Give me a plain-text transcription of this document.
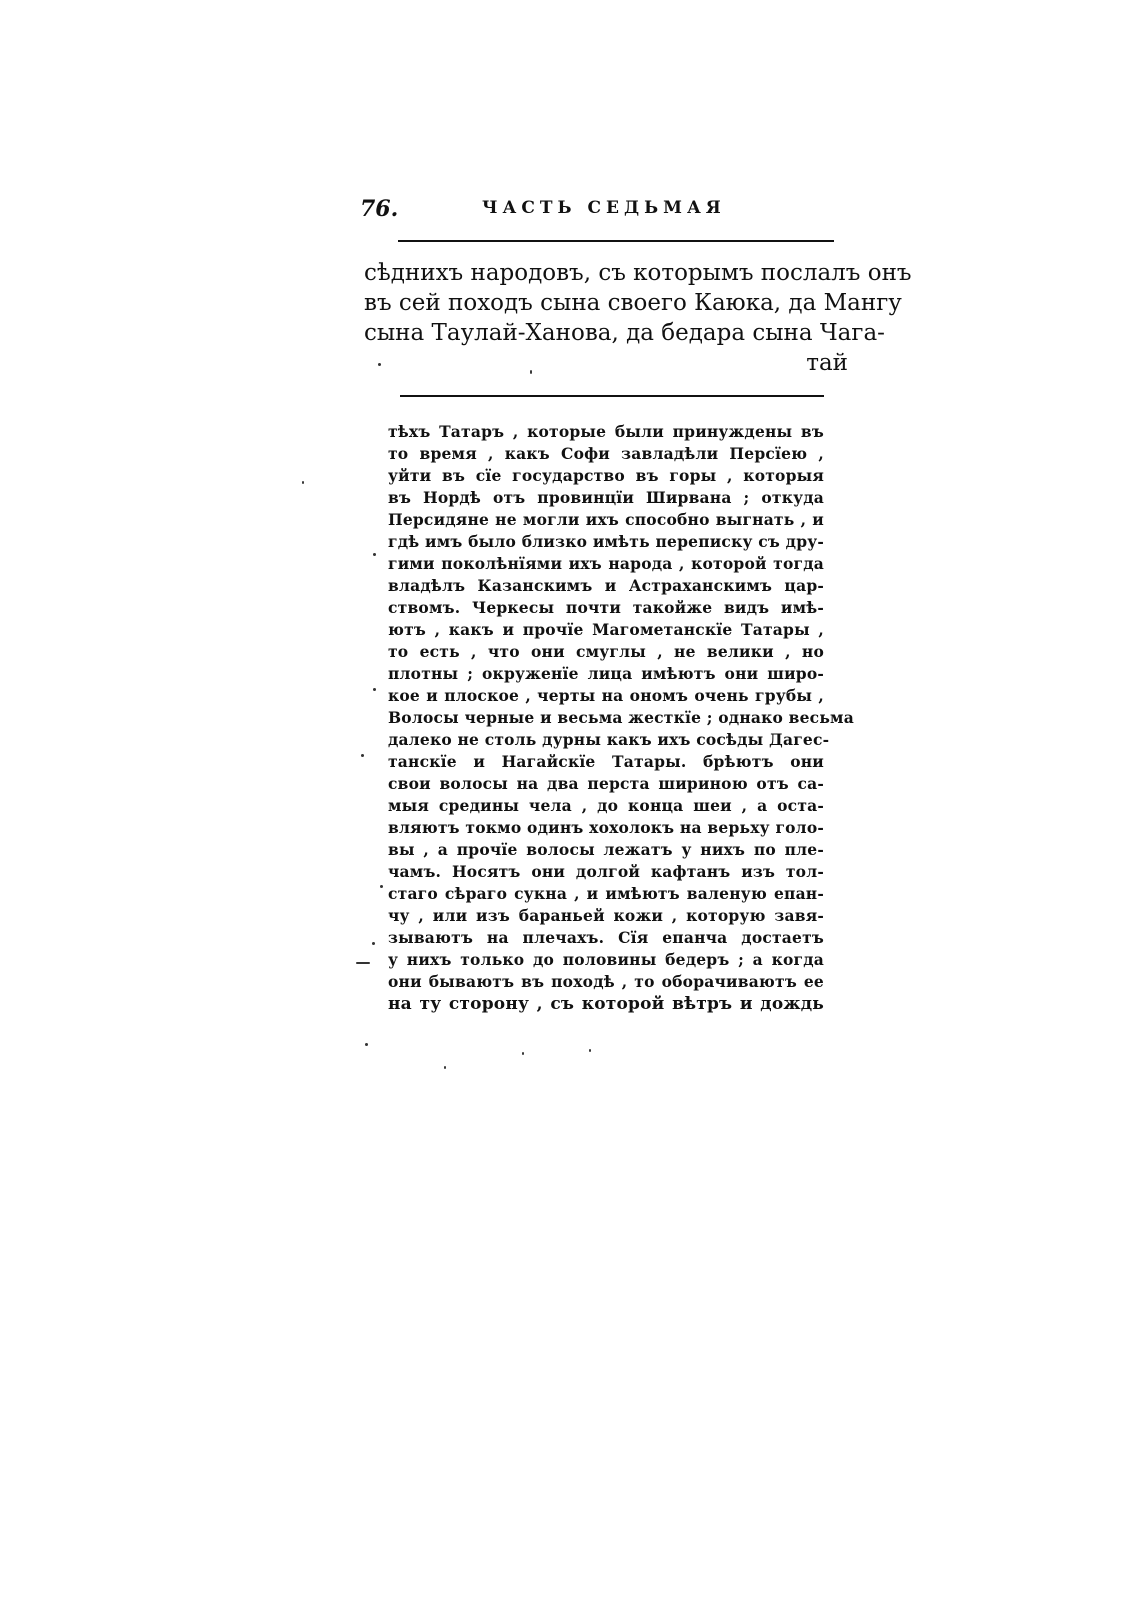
76.	ЧАСТЬ СЕДЬМАЯ
сѣднихъ народовъ, съ которымъ послалъ онъ
въ сей походъ сына своего Каюка, да Мангу
сына Таулай-Ханова, да бедара сына Чага-
тай
тѣхъ Татаръ , которые были принуждены въ
то время , какъ Софи завладѣли Персїею ,
уйти въ сїе государство въ горы , которыя
въ Нордѣ отъ провинцїи Ширвана ; откуда
Персидяне не могли ихъ способно выгнать , и
гдѣ имъ было близко имѣть переписку съ дру-
гими поколѣнїями ихъ народа , которой тогда
владѣлъ Казанскимъ и Астраханскимъ цар-
ствомъ. Черкесы почти такойже видъ имѣ-
ютъ , какъ и прочїе Магометанскїе Татары ,
то есть , что они смуглы , не велики , но
плотны ; окруженїе лица имѣютъ они широ-
кое и плоское , черты на ономъ очень грубы ,
Волосы черные и весьма жесткїе ; однако весьма
далеко не столь дурны какъ ихъ сосѣды Дагес-
танскїе и Нагайскїе Татары. брѣютъ они
свои волосы на два перста шириною отъ са-
мыя средины чела , до конца шеи , а оста-
вляютъ токмо одинъ хохолокъ на верьху голо-
вы , а прочїе волосы лежатъ у нихъ по пле-
чамъ. Носятъ они долгой кафтанъ изъ тол-
стаго сѣраго сукна , и имѣютъ валеную епан-
чу , или изъ бараньей кожи , которую завя-
зываютъ на плечахъ. Сїя епанча достаетъ
у нихъ только до половины бедеръ ; а когда
они бываютъ въ походѣ , то оборачиваютъ ее
на ту сторону , съ которой вѣтръ и дождь
